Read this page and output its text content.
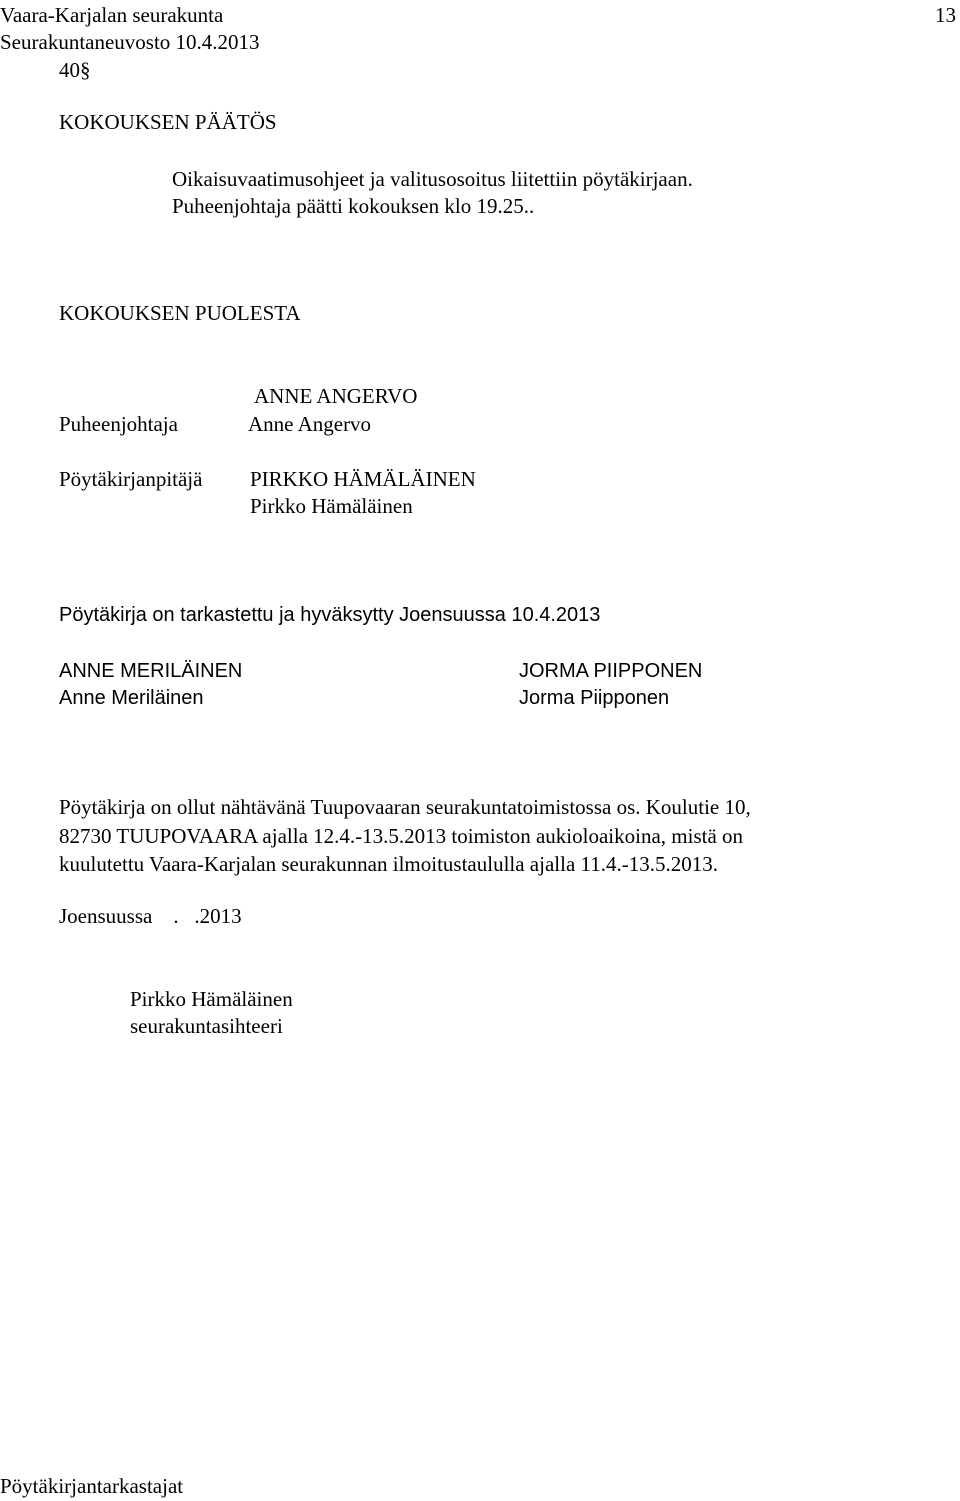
Vaara-Karjalan seurakunta	13
Seurakuntaneuvosto 10.4.2013
40§
KOKOUKSEN PÄÄTÖS
Oikaisuvaatimusohjeet ja valitusosoitus liitettiin pöytäkirjaan.
Puheenjohtaja päätti kokouksen klo 19.25..
KOKOUKSEN PUOLESTA
ANNE ANGERVO
Puheenjohtaja	Anne Angervo
Pöytäkirjanpitäjä PIRKKO HÄMÄLÄINEN
Pirkko Hämäläinen
Pöytäkirja on tarkastettu ja hyväksytty Joensuussa 10.4.2013
ANNE MERILÄINEN
Anne Meriläinen
JORMA PIIPPONEN
Jorma Piipponen
Pöytäkirja on ollut nähtävänä Tuupovaaran seurakuntatoimistossa os. Koulutie 10,
82730 TUUPOVAARA ajalla 12.4.-13.5.2013 toimiston aukioloaikoina, mistä on
kuulutettu Vaara-Karjalan seurakunnan ilmoitustaululla ajalla 11.4.-13.5.2013.
Joensuussa    .   .2013
Pirkko Hämäläinen
seurakuntasihteeri
Pöytäkirjantarkastajat
